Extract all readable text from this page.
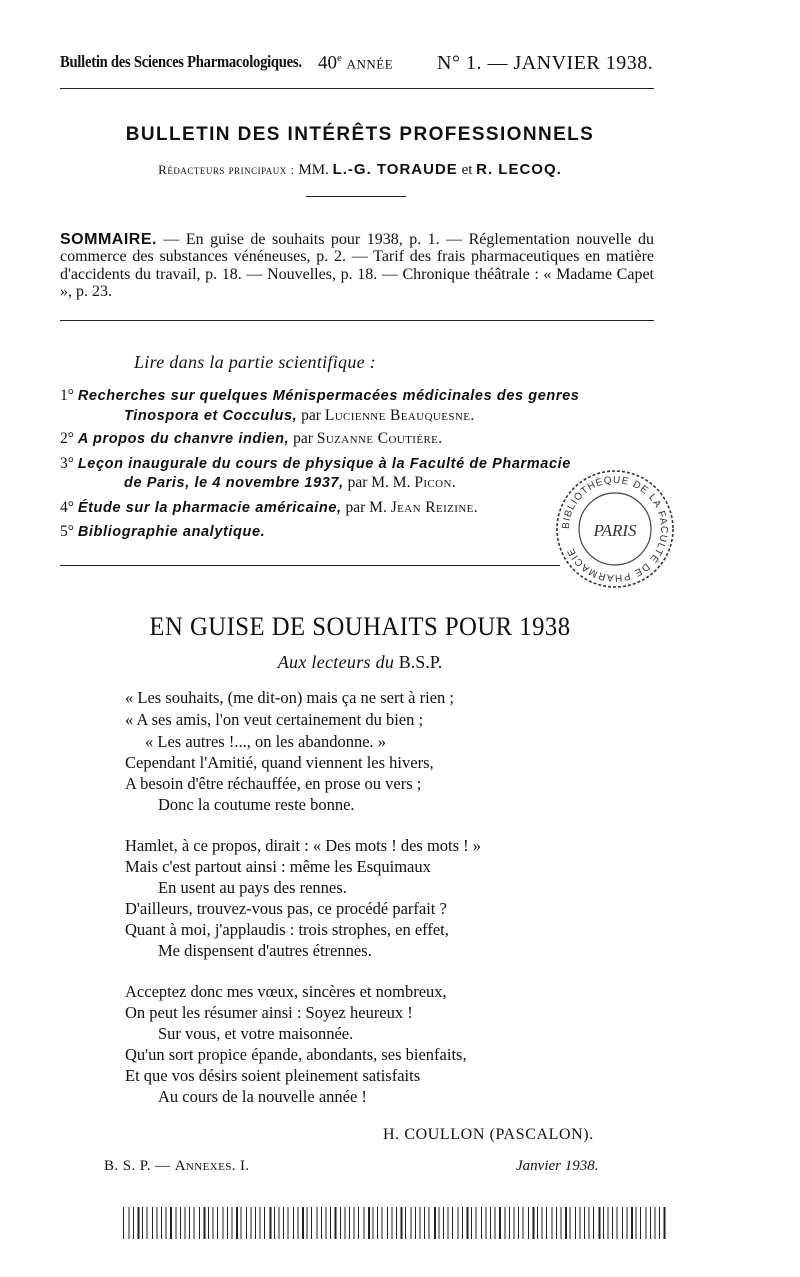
Bulletin des Sciences Pharmacologiques. 40e ANNÉE N° 1. — JANVIER 1938.
BULLETIN DES INTÉRÊTS PROFESSIONNELS
Rédacteurs principaux : MM. L.-G. TORAUDE et R. LECOQ.
SOMMAIRE. — En guise de souhaits pour 1938, p. 1. — Réglementation nouvelle du commerce des substances vénéneuses, p. 2. — Tarif des frais pharmaceutiques en matière d'accidents du travail, p. 18. — Nouvelles, p. 18. — Chronique théâtrale : « Madame Capet », p. 23.
Lire dans la partie scientifique :
1° Recherches sur quelques Ménispermacées médicinales des genres
Tinospora et Cocculus, par Lucienne Beauquesne.
2° A propos du chanvre indien, par Suzanne Coutière.
3° Leçon inaugurale du cours de physique à la Faculté de Pharmacie
de Paris, le 4 novembre 1937, par M. M. Picon.
4° Étude sur la pharmacie américaine, par M. Jean Reizine.
5° Bibliographie analytique.	BIBLIOTHÈQUE DE LA FACULTÉ DE PHARMACIE
PARIS
EN GUISE DE SOUHAITS POUR 1938
Aux lecteurs du B.S.P.
« Les souhaits, (me dit-on) mais ça ne sert à rien ;
« A ses amis, l'on veut certainement du bien ;
« Les autres !..., on les abandonne. »
Cependant l'Amitié, quand viennent les hivers,
A besoin d'être réchauffée, en prose ou vers ;
Donc la coutume reste bonne.
Hamlet, à ce propos, dirait : « Des mots ! des mots ! »
Mais c'est partout ainsi : même les Esquimaux
En usent au pays des rennes.
D'ailleurs, trouvez-vous pas, ce procédé parfait ?
Quant à moi, j'applaudis : trois strophes, en effet,
Me dispensent d'autres étrennes.
Acceptez donc mes vœux, sincères et nombreux,
On peut les résumer ainsi : Soyez heureux !
Sur vous, et votre maisonnée.
Qu'un sort propice épande, abondants, ses bienfaits,
Et que vos désirs soient pleinement satisfaits
Au cours de la nouvelle année !
H. COULLON (PASCALON).
B. S. P. — Annexes. I.	Janvier 1938.
